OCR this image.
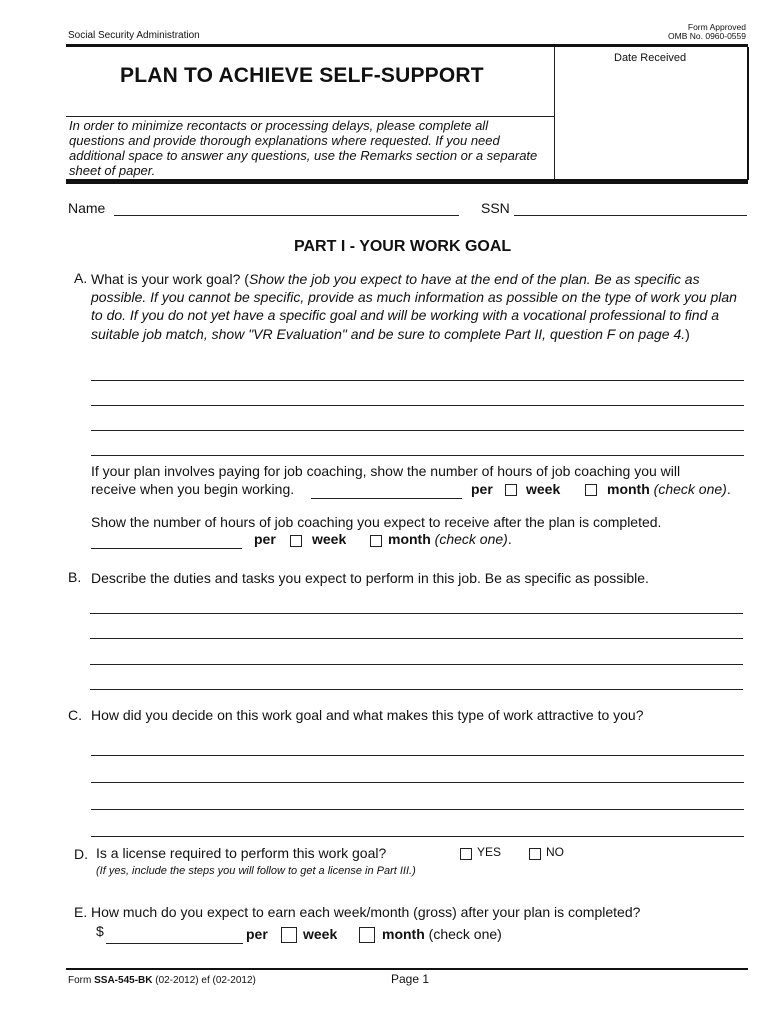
Social Security Administration
Form Approved
OMB No. 0960-0559
Date Received
PLAN TO ACHIEVE SELF-SUPPORT
In order to minimize recontacts or processing delays, please complete all questions and provide thorough explanations where requested. If you need additional space to answer any questions, use the Remarks section or a separate sheet of paper.
Name	SSN
PART I - YOUR WORK GOAL
A. What is your work goal? (Show the job you expect to have at the end of the plan. Be as specific as possible. If you cannot be specific, provide as much information as possible on the type of work you plan to do. If you do not yet have a specific goal and will be working with a vocational professional to find a suitable job match, show "VR Evaluation" and be sure to complete Part II, question F on page 4.)
If your plan involves paying for job coaching, show the number of hours of job coaching you will
receive when you begin working.	per week	month (check one).
Show the number of hours of job coaching you expect to receive after the plan is completed.
per	week	month (check one).
B. Describe the duties and tasks you expect to perform in this job. Be as specific as possible.
C. How did you decide on this work goal and what makes this type of work attractive to you?
D. Is a license required to perform this work goal?	YES	NO
(If yes, include the steps you will follow to get a license in Part III.)
E. How much do you expect to earn each week/month (gross) after your plan is completed?
$	per	week	month (check one)
Form SSA-545-BK (02-2012) ef (02-2012)	Page 1
